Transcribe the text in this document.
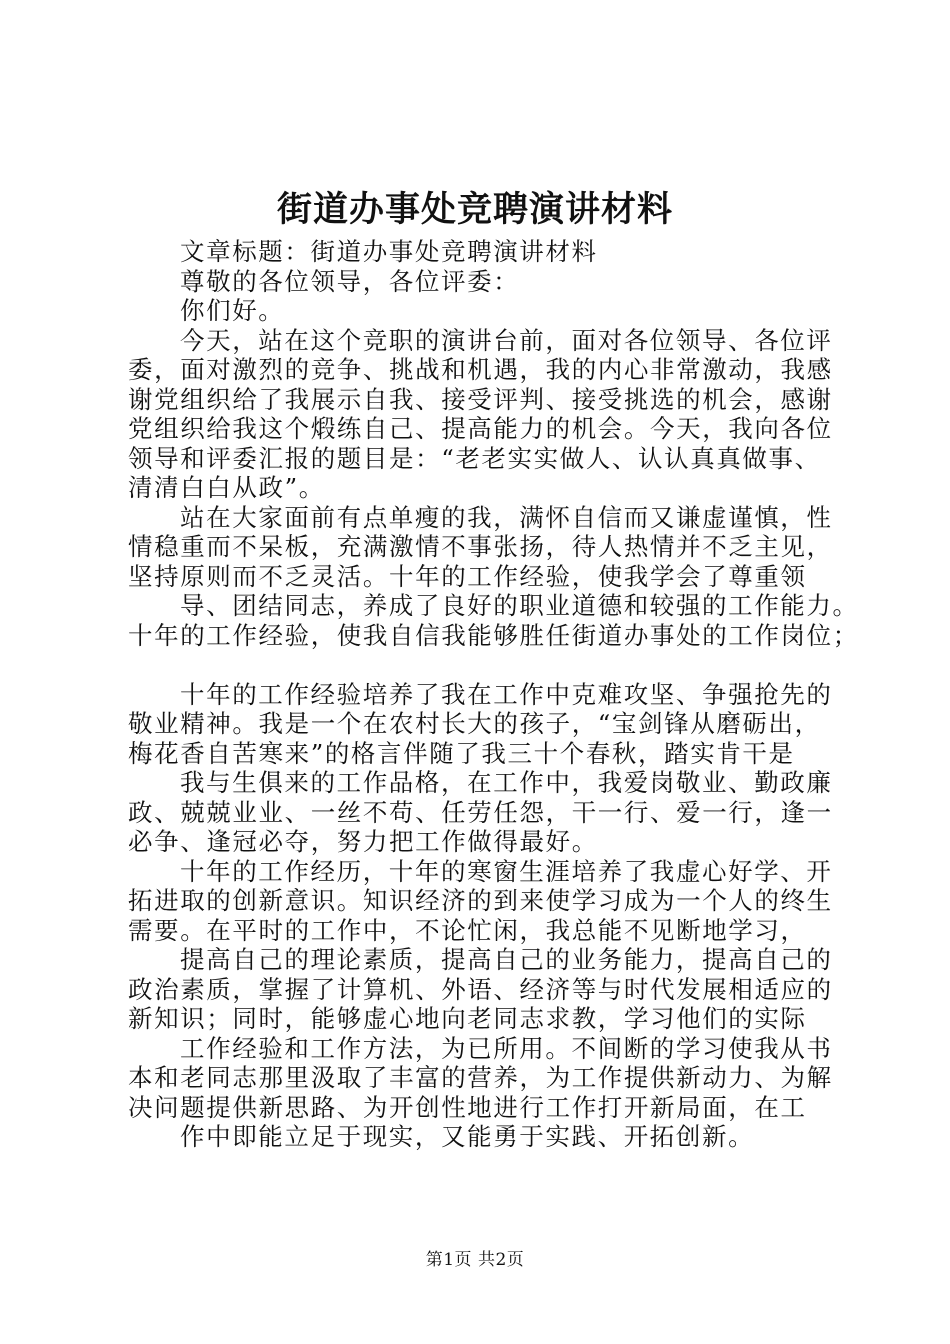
街道办事处竞聘演讲材料
文章标题：街道办事处竞聘演讲材料
尊敬的各位领导，各位评委：
你们好。
今天，站在这个竞职的演讲台前，面对各位领导、各位评
委，面对激烈的竞争、挑战和机遇，我的内心非常激动，我感
谢党组织给了我展示自我、接受评判、接受挑选的机会，感谢
党组织给我这个煅练自己、提高能力的机会。今天，我向各位
领导和评委汇报的题目是：“老老实实做人、认认真真做事、
清清白白从政”。
站在大家面前有点单瘦的我，满怀自信而又谦虚谨慎，性
情稳重而不呆板，充满激情不事张扬，待人热情并不乏主见，
坚持原则而不乏灵活。十年的工作经验，使我学会了尊重领
导、团结同志，养成了良好的职业道德和较强的工作能力。
十年的工作经验，使我自信我能够胜任街道办事处的工作岗位；
十年的工作经验培养了我在工作中克难攻坚、争强抢先的
敬业精神。我是一个在农村长大的孩子，“宝剑锋从磨砺出，
梅花香自苦寒来”的格言伴随了我三十个春秋，踏实肯干是
我与生俱来的工作品格，在工作中，我爱岗敬业、勤政廉
政、兢兢业业、一丝不苟、任劳任怨，干一行、爱一行，逢一
必争、逢冠必夺，努力把工作做得最好。
十年的工作经历，十年的寒窗生涯培养了我虚心好学、开
拓进取的创新意识。知识经济的到来使学习成为一个人的终生
需要。在平时的工作中，不论忙闲，我总能不见断地学习，
提高自己的理论素质，提高自己的业务能力，提高自己的
政治素质，掌握了计算机、外语、经济等与时代发展相适应的
新知识；同时，能够虚心地向老同志求教，学习他们的实际
工作经验和工作方法，为已所用。不间断的学习使我从书
本和老同志那里汲取了丰富的营养，为工作提供新动力、为解
决问题提供新思路、为开创性地进行工作打开新局面，在工
作中即能立足于现实，又能勇于实践、开拓创新。
第1页 共2页
